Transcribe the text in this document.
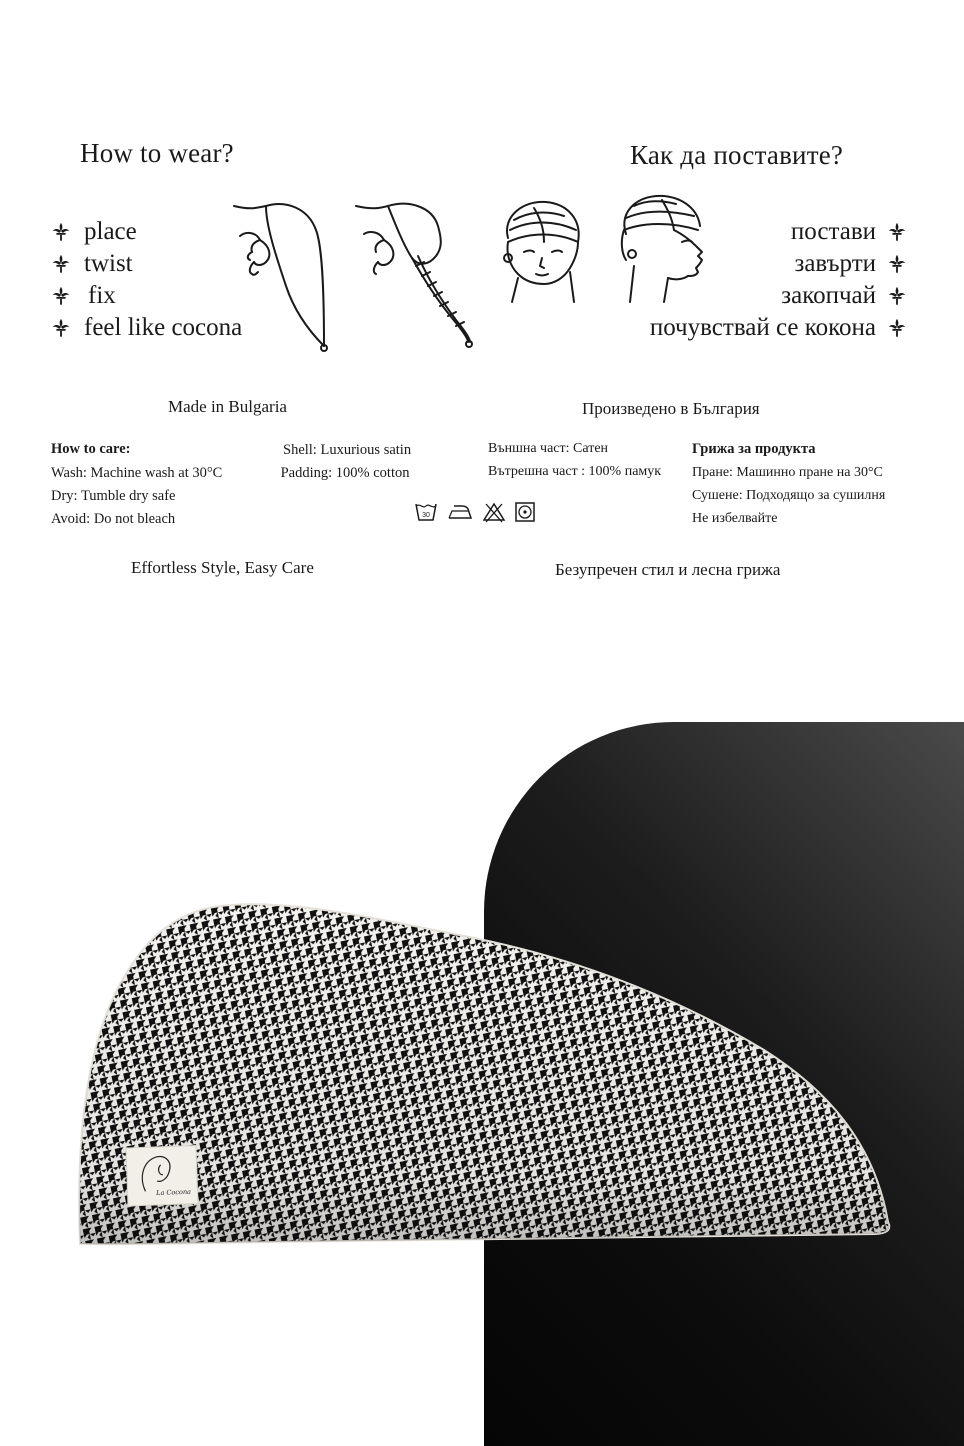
How to wear?	Как да поставите?
place
twist
fix
feel like cocona
постави
завърти
закопчай
почувствай се кокона
Made in Bulgaria	Произведено в България
How to care:
Wash: Machine wash at 30°C
Dry: Tumble dry safe
Avoid: Do not bleach
Shell: Luxurious satin
Padding: 100% cotton
Външна част: Сатен
Вътрешна част : 100% памук
Грижа за продукта
Пране: Машинно пране на 30°C
Сушене: Подходящо за сушилня
Не избелвайте
30
Effortless Style, Easy Care	Безупречен стил и лесна грижа
La Cocona
